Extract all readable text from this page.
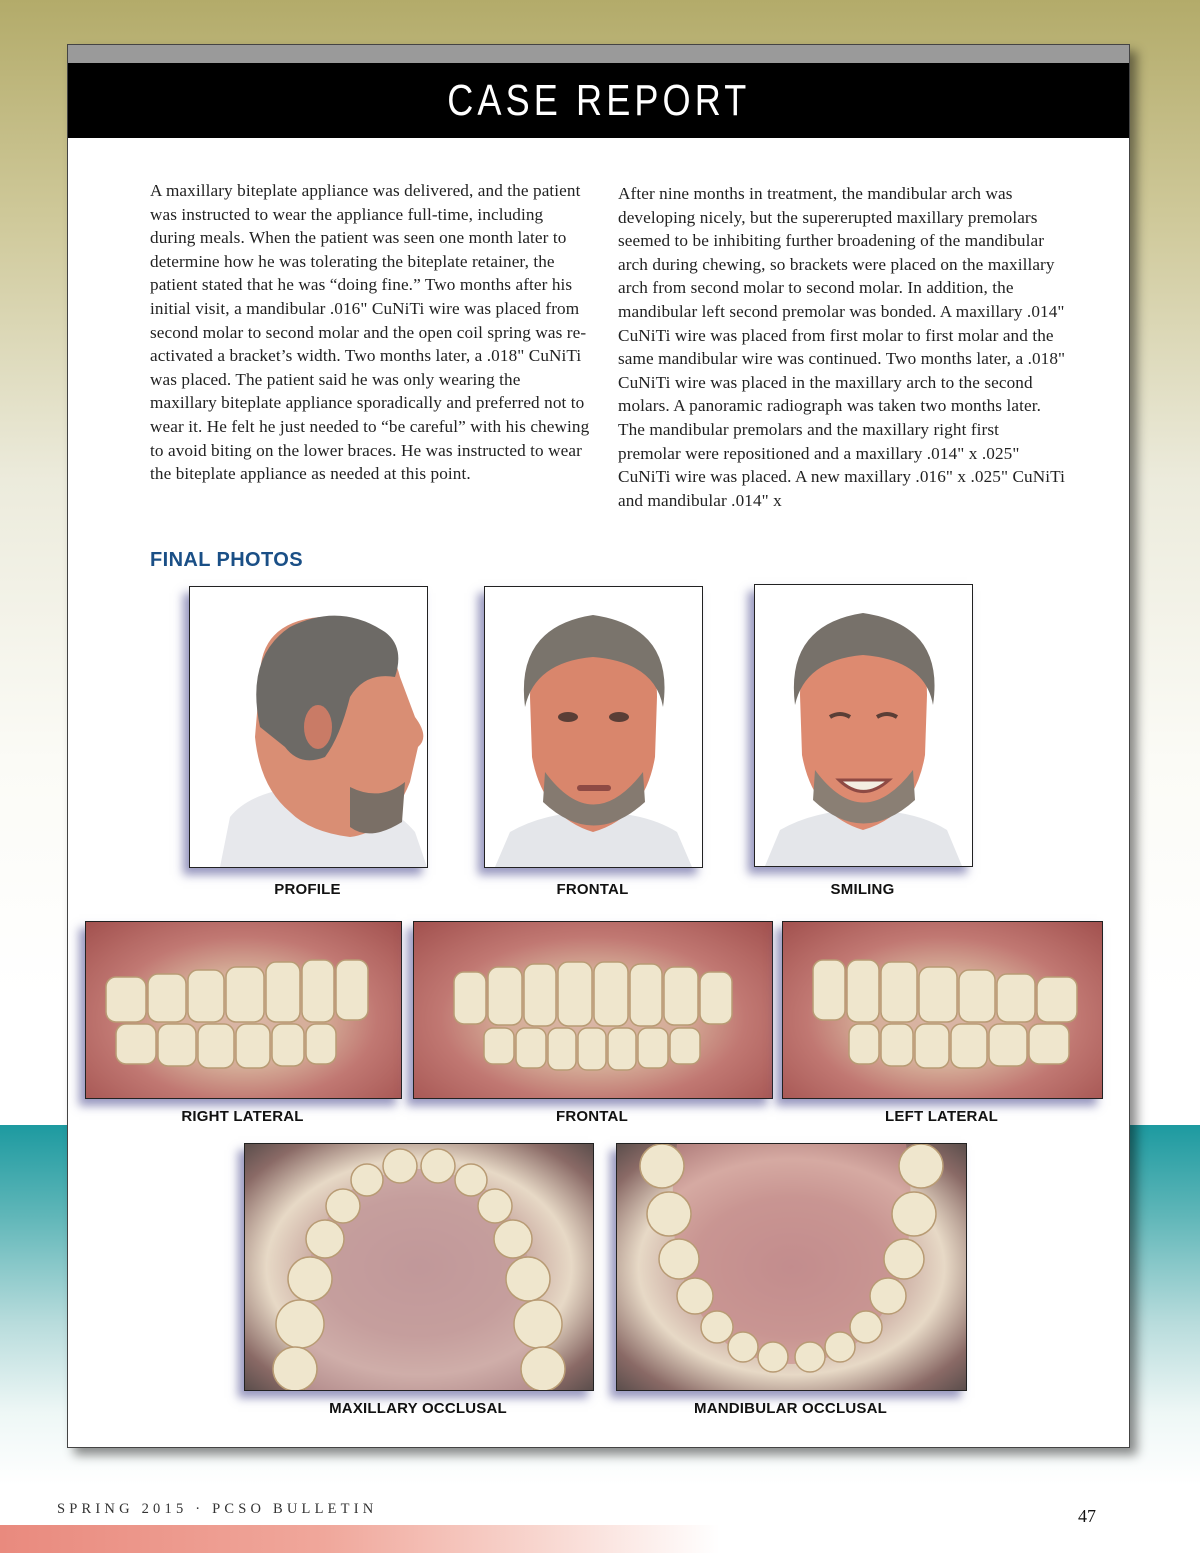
CASE REPORT
A maxillary biteplate appliance was delivered, and the patient was instructed to wear the appliance full-time, including during meals. When the patient was seen one month later to determine how he was tolerating the biteplate retainer, the patient stated that he was “doing fine.” Two months after his initial visit, a mandibular .016" CuNiTi wire was placed from second molar to second molar and the open coil spring was re-activated a bracket’s width. Two months later, a .018" CuNiTi was placed. The patient said he was only wearing the maxillary biteplate appliance sporadically and preferred not to wear it. He felt he just needed to “be careful” with his chewing to avoid biting on the lower braces. He was instructed to wear the biteplate appliance as needed at this point.
After nine months in treatment, the mandibular arch was developing nicely, but the supererupted maxillary premolars seemed to be inhibiting further broadening of the mandibular arch during chewing, so brackets were placed on the maxillary arch from second molar to second molar. In addition, the mandibular left second premolar was bonded. A maxillary .014" CuNiTi wire was placed from first molar to first molar and the same mandibular wire was continued. Two months later, a .018" CuNiTi wire was placed in the maxillary arch to the second molars. A panoramic radiograph was taken two months later. The mandibular premolars and the maxillary right first premolar were repositioned and a maxillary .014" x .025" CuNiTi wire was placed. A new maxillary .016" x .025" CuNiTi and mandibular .014" x
FINAL PHOTOS
PROFILE	FRONTAL	SMILING
RIGHT LATERAL	FRONTAL	LEFT LATERAL
MAXILLARY OCCLUSAL	MANDIBULAR OCCLUSAL
SPRING 2015 · PCSO BULLETIN	47
